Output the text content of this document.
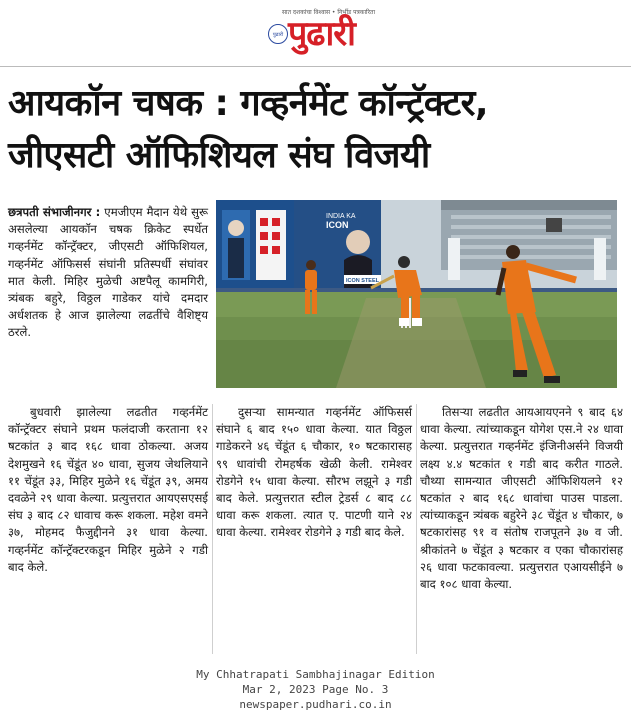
सात दशकांचा विश्वास • निर्भीड पत्रकारिता
पुढारी पुढारी
आयकॉन चषक : गव्हर्नमेंट कॉन्ट्रॅक्टर,
जीएसटी ऑफिशियल संघ विजयी
INDIA KA
ICON
ICON STEEL

छत्रपती संभाजीनगर : एमजीएम मैदान येथे सुरू असलेल्या आयकॉन चषक क्रिकेट स्पर्धेत गव्हर्नमेंट कॉन्ट्रॅक्टर, जीएसटी ऑफिशियल, गव्हर्नमेंट ऑफिसर्स संघांनी प्रतिस्पर्धी संघांवर मात केली. मिहिर मुळेची अष्टपैलू कामगिरी, त्र्यंबक बहुरे, विठ्ठल गाडेकर यांचे दमदार अर्धशतक हे आज झालेल्या लढतींचे वैशिष्ट्य ठरले.

बुधवारी झालेल्या लढतीत गव्हर्नमेंट कॉन्ट्रॅक्टर संघाने प्रथम फलंदाजी करताना १२ षटकांत ३ बाद १६८ धावा ठोकल्या. अजय देशमुखने १६ चेंडूंत ४० धावा, सुजय जेथलियाने ११ चेंडूंत ३३, मिहिर मुळेने १६ चेंडूंत ३९, अमय दवळेने २९ धावा केल्या. प्रत्युत्तरात आयएसएसई संघ ३ बाद ८२ धावाच करू शकला. महेश वमने ३७, मोहमद फैजुद्दीनने ३१ धावा केल्या. गव्हर्नमेंट कॉन्ट्रॅक्टरकडून मिहिर मुळेने २ गडी बाद केले.

दुसऱ्या सामन्यात गव्हर्नमेंट ऑफिसर्स संघाने ६ बाद १५० धावा केल्या. यात विठ्ठल गाडेकरने ४६ चेंडूंत ६ चौकार, १० षटकारासह ९९ धावांची रोमहर्षक खेळी केली. रामेश्वर रोडगेने १५ धावा केल्या. सौरभ लझूने ३ गडी बाद केले. प्रत्युत्तरात स्टील ट्रेडर्स ८ बाद ८८ धावा करू शकला. त्यात ए. पाटणी याने २४ धावा केल्या. रामेश्वर रोडगेने ३ गडी बाद केले.

तिसऱ्या लढतीत आयआयएनने ९ बाद ६४ धावा केल्या. त्यांच्याकडून योगेश एस.ने २४ धावा केल्या. प्रत्युत्तरात गव्हर्नमेंट इंजिनीअर्सने विजयी लक्ष्य ४.४ षटकांत १ गडी बाद करीत गाठले. चौथ्या सामन्यात जीएसटी ऑफिशियलने १२ षटकांत २ बाद १६८ धावांचा पाउस पाडला. त्यांच्याकडून त्र्यंबक बहुरेने ३८ चेंडूंत ४ चौकार, ७ षटकारांसह ९१ व संतोष राजपूतने ३७ व जी. श्रीकांतने ७ चेंडूंत ३ षटकार व एका चौकारांसह २६ धावा फटकावल्या. प्रत्युत्तरात एआयसीईने ७ बाद १०८ धावा केल्या.

My Chhatrapati Sambhajinagar Edition
Mar 2, 2023 Page No. 3
newspaper.pudhari.co.in
